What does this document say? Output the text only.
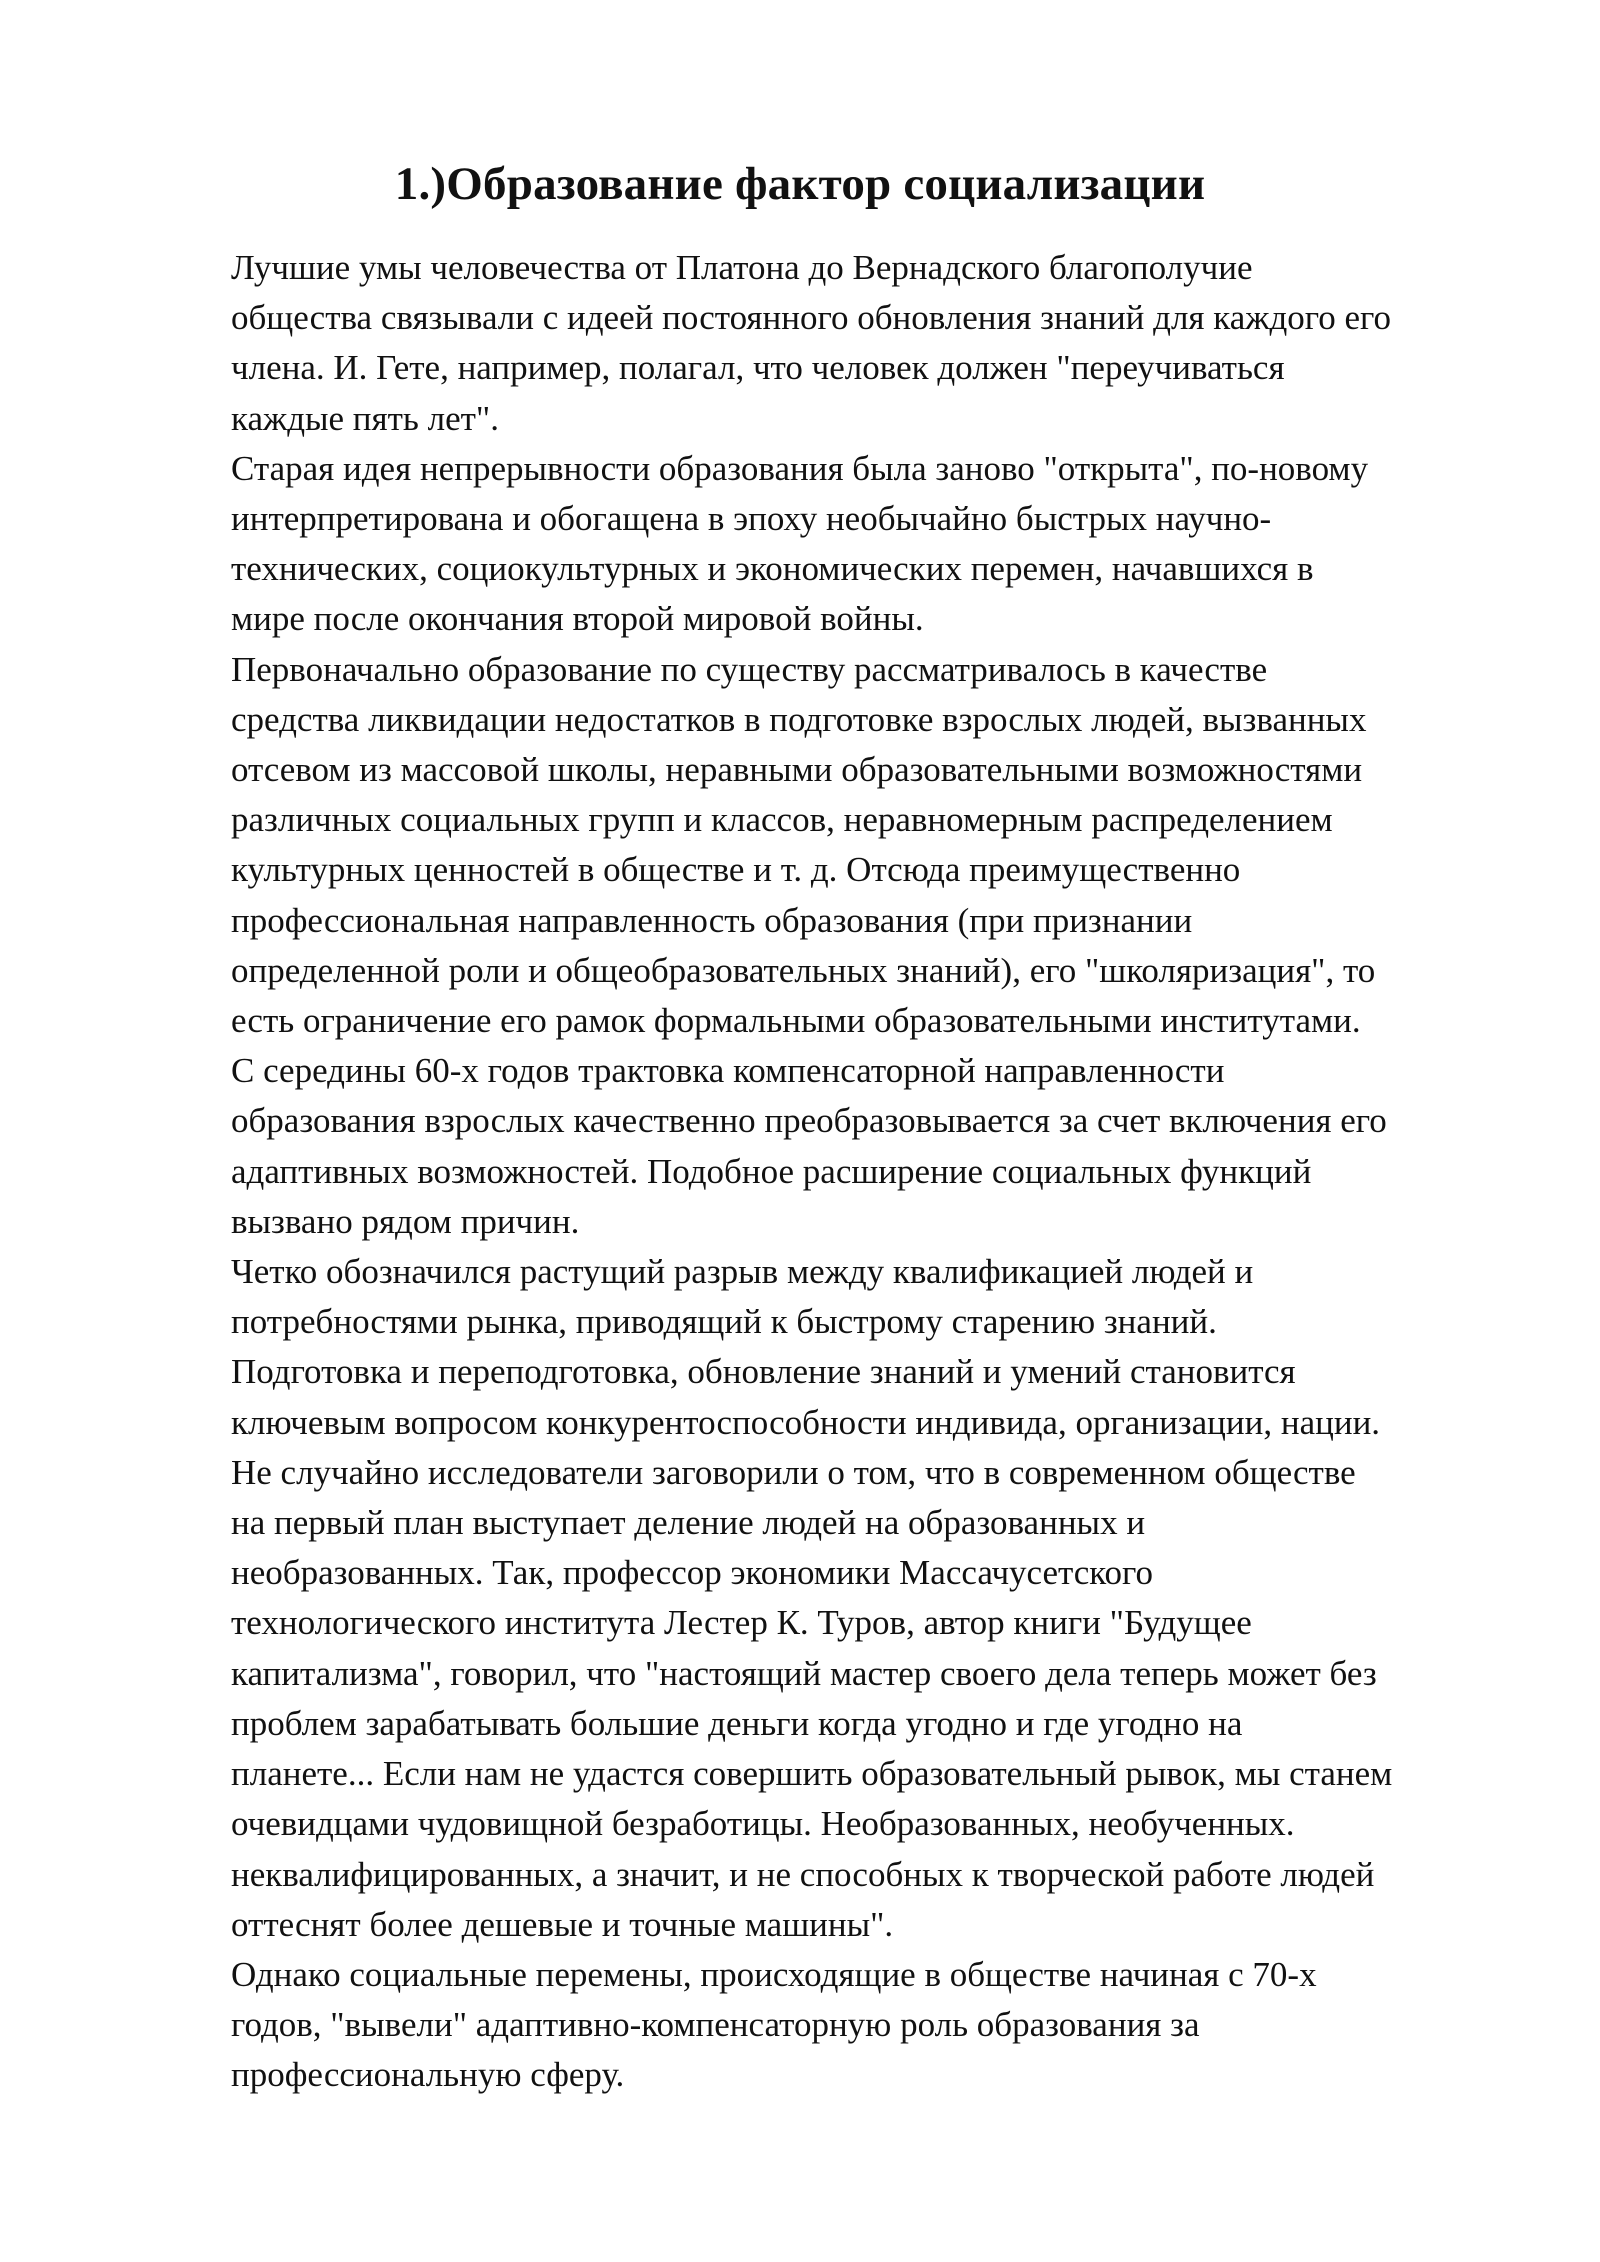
1.)Образование фактор социализации
Лучшие умы человечества от Платона до Вернадского благополучие
общества связывали с идеей постоянного обновления знаний для каждого его
члена. И. Гете, например, полагал, что человек должен "переучиваться
каждые пять лет".
Старая идея непрерывности образования была заново "открыта", по-новому
интерпретирована и обогащена в эпоху необычайно быстрых научно-
технических, социокультурных и экономических перемен, начавшихся в
мире после окончания второй мировой войны.
Первоначально образование по существу рассматривалось в качестве
средства ликвидации недостатков в подготовке взрослых людей, вызванных
отсевом из массовой школы, неравными образовательными возможностями
различных социальных групп и классов, неравномерным распределением
культурных ценностей в обществе и т. д. Отсюда преимущественно
профессиональная направленность образования (при признании
определенной роли и общеобразовательных знаний), его "школяризация", то
есть ограничение его рамок формальными образовательными институтами.
С середины 60-х годов трактовка компенсаторной направленности
образования взрослых качественно преобразовывается за счет включения его
адаптивных возможностей. Подобное расширение социальных функций
вызвано рядом причин.
Четко обозначился растущий разрыв между квалификацией людей и
потребностями рынка, приводящий к быстрому старению знаний.
Подготовка и переподготовка, обновление знаний и умений становится
ключевым вопросом конкурентоспособности индивида, организации, нации.
Не случайно исследователи заговорили о том, что в современном обществе
на первый план выступает деление людей на образованных и
необразованных. Так, профессор экономики Массачусетского
технологического института Лестер К. Туров, автор книги "Будущее
капитализма", говорил, что "настоящий мастер своего дела теперь может без
проблем зарабатывать большие деньги когда угодно и где угодно на
планете... Если нам не удастся совершить образовательный рывок, мы станем
очевидцами чудовищной безработицы. Необразованных, необученных.
неквалифицированных, а значит, и не способных к творческой работе людей
оттеснят более дешевые и точные машины".
Однако социальные перемены, происходящие в обществе начиная с 70-х
годов, "вывели" адаптивно-компенсаторную роль образования за
профессиональную сферу.
